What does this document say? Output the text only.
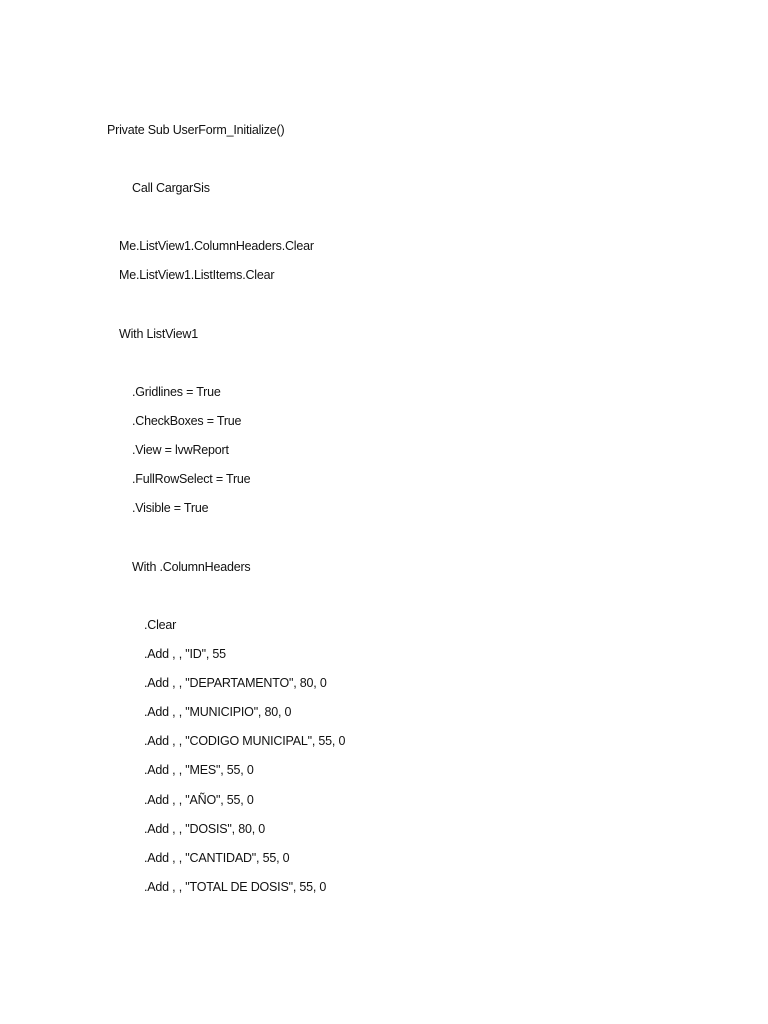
Private Sub UserForm_Initialize()
Call CargarSis
Me.ListView1.ColumnHeaders.Clear
Me.ListView1.ListItems.Clear
With ListView1
.Gridlines = True
.CheckBoxes = True
.View = lvwReport
.FullRowSelect = True
.Visible = True
With .ColumnHeaders
.Clear
.Add , , "ID", 55
.Add , , "DEPARTAMENTO", 80, 0
.Add , , "MUNICIPIO", 80, 0
.Add , , "CODIGO MUNICIPAL", 55, 0
.Add , , "MES", 55, 0
.Add , , "AÑO", 55, 0
.Add , , "DOSIS", 80, 0
.Add , , "CANTIDAD", 55, 0
.Add , , "TOTAL DE DOSIS", 55, 0
